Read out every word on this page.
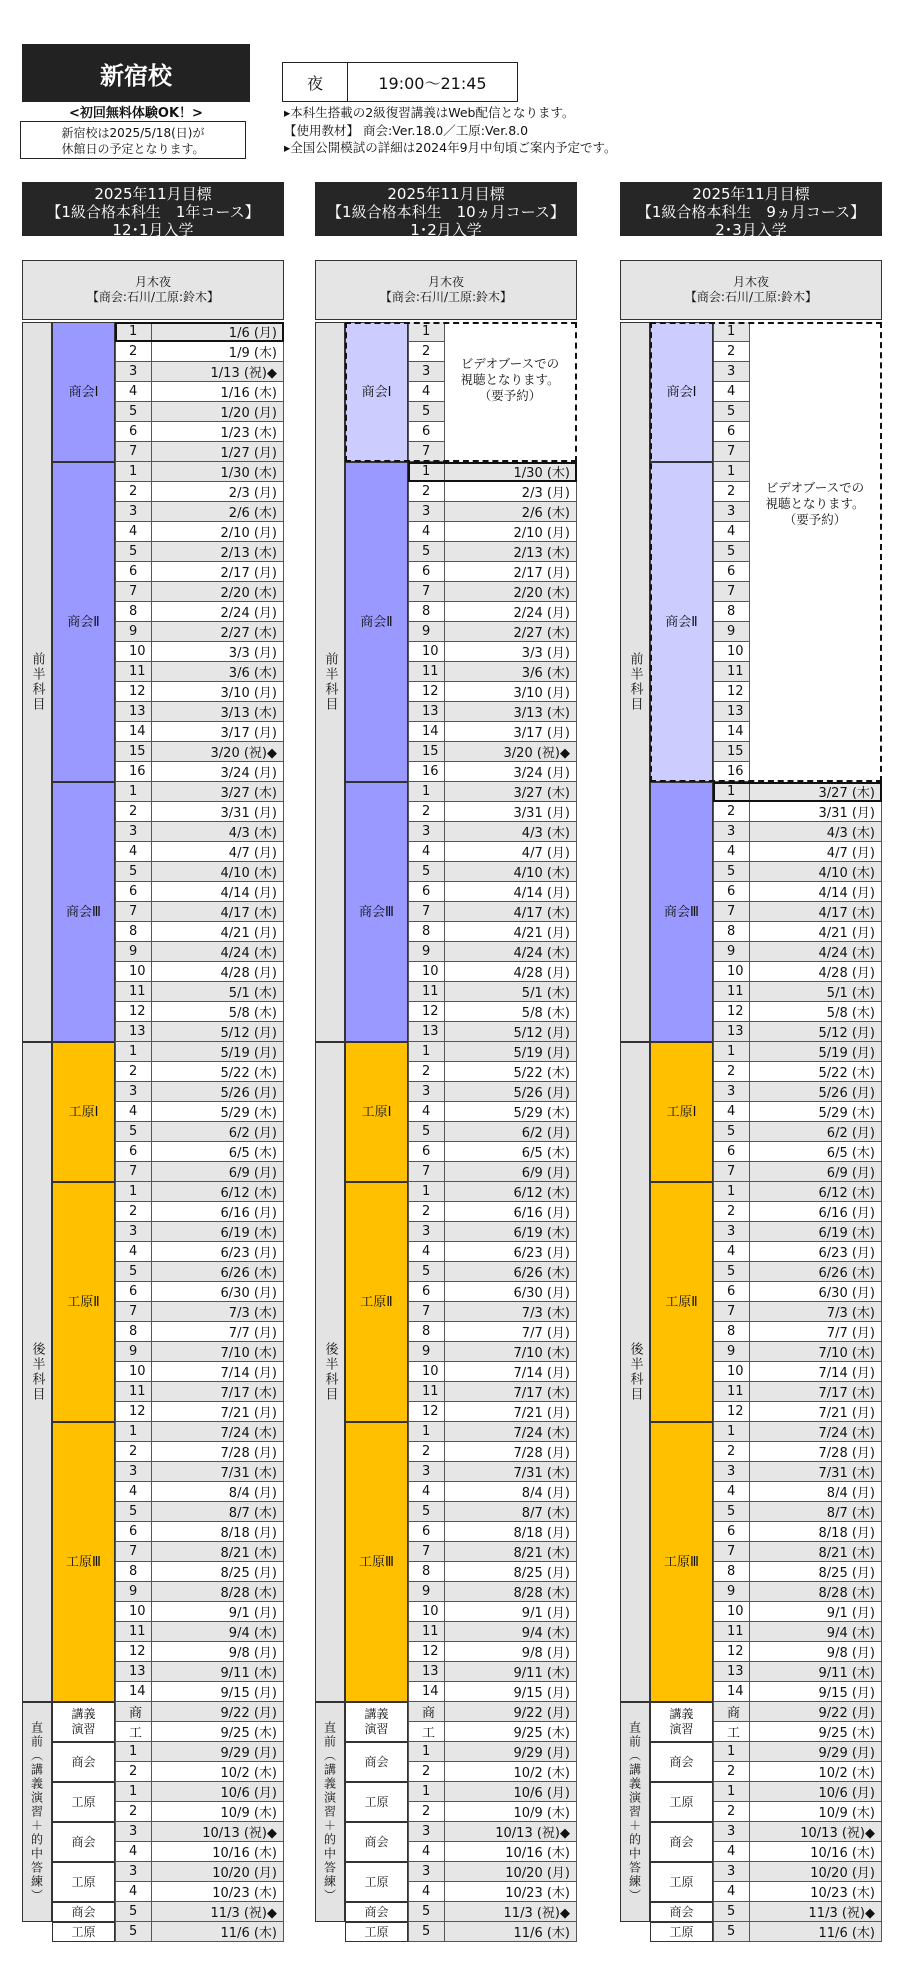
新宿校
<初回無料体験OK！>
新宿校は2025/5/18(日)が
休館日の予定となります。
夜	19:00～21:45
▸本科生搭載の2級復習講義はWeb配信となります。
【使用教材】 商会:Ver.18.0／工原:Ver.8.0
▸全国公開模試の詳細は2024年9月中旬頃ご案内予定です。
2025年11月目標
【1級合格本科生　1年コース】
12･1月入学
月木夜
【商会:石川/工原:鈴木】
前半科目
後半科目
直前（講義演習＋的中答練）
商会Ⅰ
1	1/6 (月)
2	1/9 (木)
3	1/13 (祝)◆
4	1/16 (木)
5	1/20 (月)
6	1/23 (木)
7	1/27 (月)
商会Ⅱ
1	1/30 (木)
2	2/3 (月)
3	2/6 (木)
4	2/10 (月)
5	2/13 (木)
6	2/17 (月)
7	2/20 (木)
8	2/24 (月)
9	2/27 (木)
10	3/3 (月)
11	3/6 (木)
12	3/10 (月)
13	3/13 (木)
14	3/17 (月)
15	3/20 (祝)◆
16	3/24 (月)
商会Ⅲ
1	3/27 (木)
2	3/31 (月)
3	4/3 (木)
4	4/7 (月)
5	4/10 (木)
6	4/14 (月)
7	4/17 (木)
8	4/21 (月)
9	4/24 (木)
10	4/28 (月)
11	5/1 (木)
12	5/8 (木)
13	5/12 (月)
工原Ⅰ
1	5/19 (月)
2	5/22 (木)
3	5/26 (月)
4	5/29 (木)
5	6/2 (月)
6	6/5 (木)
7	6/9 (月)
工原Ⅱ
1	6/12 (木)
2	6/16 (月)
3	6/19 (木)
4	6/23 (月)
5	6/26 (木)
6	6/30 (月)
7	7/3 (木)
8	7/7 (月)
9	7/10 (木)
10	7/14 (月)
11	7/17 (木)
12	7/21 (月)
工原Ⅲ
1	7/24 (木)
2	7/28 (月)
3	7/31 (木)
4	8/4 (月)
5	8/7 (木)
6	8/18 (月)
7	8/21 (木)
8	8/25 (月)
9	8/28 (木)
10	9/1 (月)
11	9/4 (木)
12	9/8 (月)
13	9/11 (木)
14	9/15 (月)
講義
演習
商	9/22 (月)
工	9/25 (木)
商会
1	9/29 (月)
2	10/2 (木)
工原
1	10/6 (月)
2	10/9 (木)
商会
3	10/13 (祝)◆
4	10/16 (木)
工原
3	10/20 (月)
4	10/23 (木)
商会	5	11/3 (祝)◆
工原	5	11/6 (木)
2025年11月目標
【1級合格本科生　10ヵ月コース】
1･2月入学
月木夜
【商会:石川/工原:鈴木】
前半科目
後半科目
直前（講義演習＋的中答練）
商会Ⅰ
1
2
3
4
5
6
7
商会Ⅱ
1	1/30 (木)
2	2/3 (月)
3	2/6 (木)
4	2/10 (月)
5	2/13 (木)
6	2/17 (月)
7	2/20 (木)
8	2/24 (月)
9	2/27 (木)
10	3/3 (月)
11	3/6 (木)
12	3/10 (月)
13	3/13 (木)
14	3/17 (月)
15	3/20 (祝)◆
16	3/24 (月)
商会Ⅲ
1	3/27 (木)
2	3/31 (月)
3	4/3 (木)
4	4/7 (月)
5	4/10 (木)
6	4/14 (月)
7	4/17 (木)
8	4/21 (月)
9	4/24 (木)
10	4/28 (月)
11	5/1 (木)
12	5/8 (木)
13	5/12 (月)
工原Ⅰ
1	5/19 (月)
2	5/22 (木)
3	5/26 (月)
4	5/29 (木)
5	6/2 (月)
6	6/5 (木)
7	6/9 (月)
工原Ⅱ
1	6/12 (木)
2	6/16 (月)
3	6/19 (木)
4	6/23 (月)
5	6/26 (木)
6	6/30 (月)
7	7/3 (木)
8	7/7 (月)
9	7/10 (木)
10	7/14 (月)
11	7/17 (木)
12	7/21 (月)
工原Ⅲ
1	7/24 (木)
2	7/28 (月)
3	7/31 (木)
4	8/4 (月)
5	8/7 (木)
6	8/18 (月)
7	8/21 (木)
8	8/25 (月)
9	8/28 (木)
10	9/1 (月)
11	9/4 (木)
12	9/8 (月)
13	9/11 (木)
14	9/15 (月)
講義
演習
商	9/22 (月)
工	9/25 (木)
商会
1	9/29 (月)
2	10/2 (木)
工原
1	10/6 (月)
2	10/9 (木)
商会
3	10/13 (祝)◆
4	10/16 (木)
工原
3	10/20 (月)
4	10/23 (木)
商会	5	11/3 (祝)◆
工原	5	11/6 (木)
ビデオブースでの
視聴となります。
（要予約）
2025年11月目標
【1級合格本科生　9ヵ月コース】
2･3月入学
月木夜
【商会:石川/工原:鈴木】
前半科目
後半科目
直前（講義演習＋的中答練）
商会Ⅰ
1
2
3
4
5
6
7
商会Ⅱ
1
2
3
4
5
6
7
8
9
10
11
12
13
14
15
16
商会Ⅲ
1	3/27 (木)
2	3/31 (月)
3	4/3 (木)
4	4/7 (月)
5	4/10 (木)
6	4/14 (月)
7	4/17 (木)
8	4/21 (月)
9	4/24 (木)
10	4/28 (月)
11	5/1 (木)
12	5/8 (木)
13	5/12 (月)
工原Ⅰ
1	5/19 (月)
2	5/22 (木)
3	5/26 (月)
4	5/29 (木)
5	6/2 (月)
6	6/5 (木)
7	6/9 (月)
工原Ⅱ
1	6/12 (木)
2	6/16 (月)
3	6/19 (木)
4	6/23 (月)
5	6/26 (木)
6	6/30 (月)
7	7/3 (木)
8	7/7 (月)
9	7/10 (木)
10	7/14 (月)
11	7/17 (木)
12	7/21 (月)
工原Ⅲ
1	7/24 (木)
2	7/28 (月)
3	7/31 (木)
4	8/4 (月)
5	8/7 (木)
6	8/18 (月)
7	8/21 (木)
8	8/25 (月)
9	8/28 (木)
10	9/1 (月)
11	9/4 (木)
12	9/8 (月)
13	9/11 (木)
14	9/15 (月)
講義
演習
商	9/22 (月)
工	9/25 (木)
商会
1	9/29 (月)
2	10/2 (木)
工原
1	10/6 (月)
2	10/9 (木)
商会
3	10/13 (祝)◆
4	10/16 (木)
工原
3	10/20 (月)
4	10/23 (木)
商会	5	11/3 (祝)◆
工原	5	11/6 (木)
ビデオブースでの
視聴となります。
（要予約）
